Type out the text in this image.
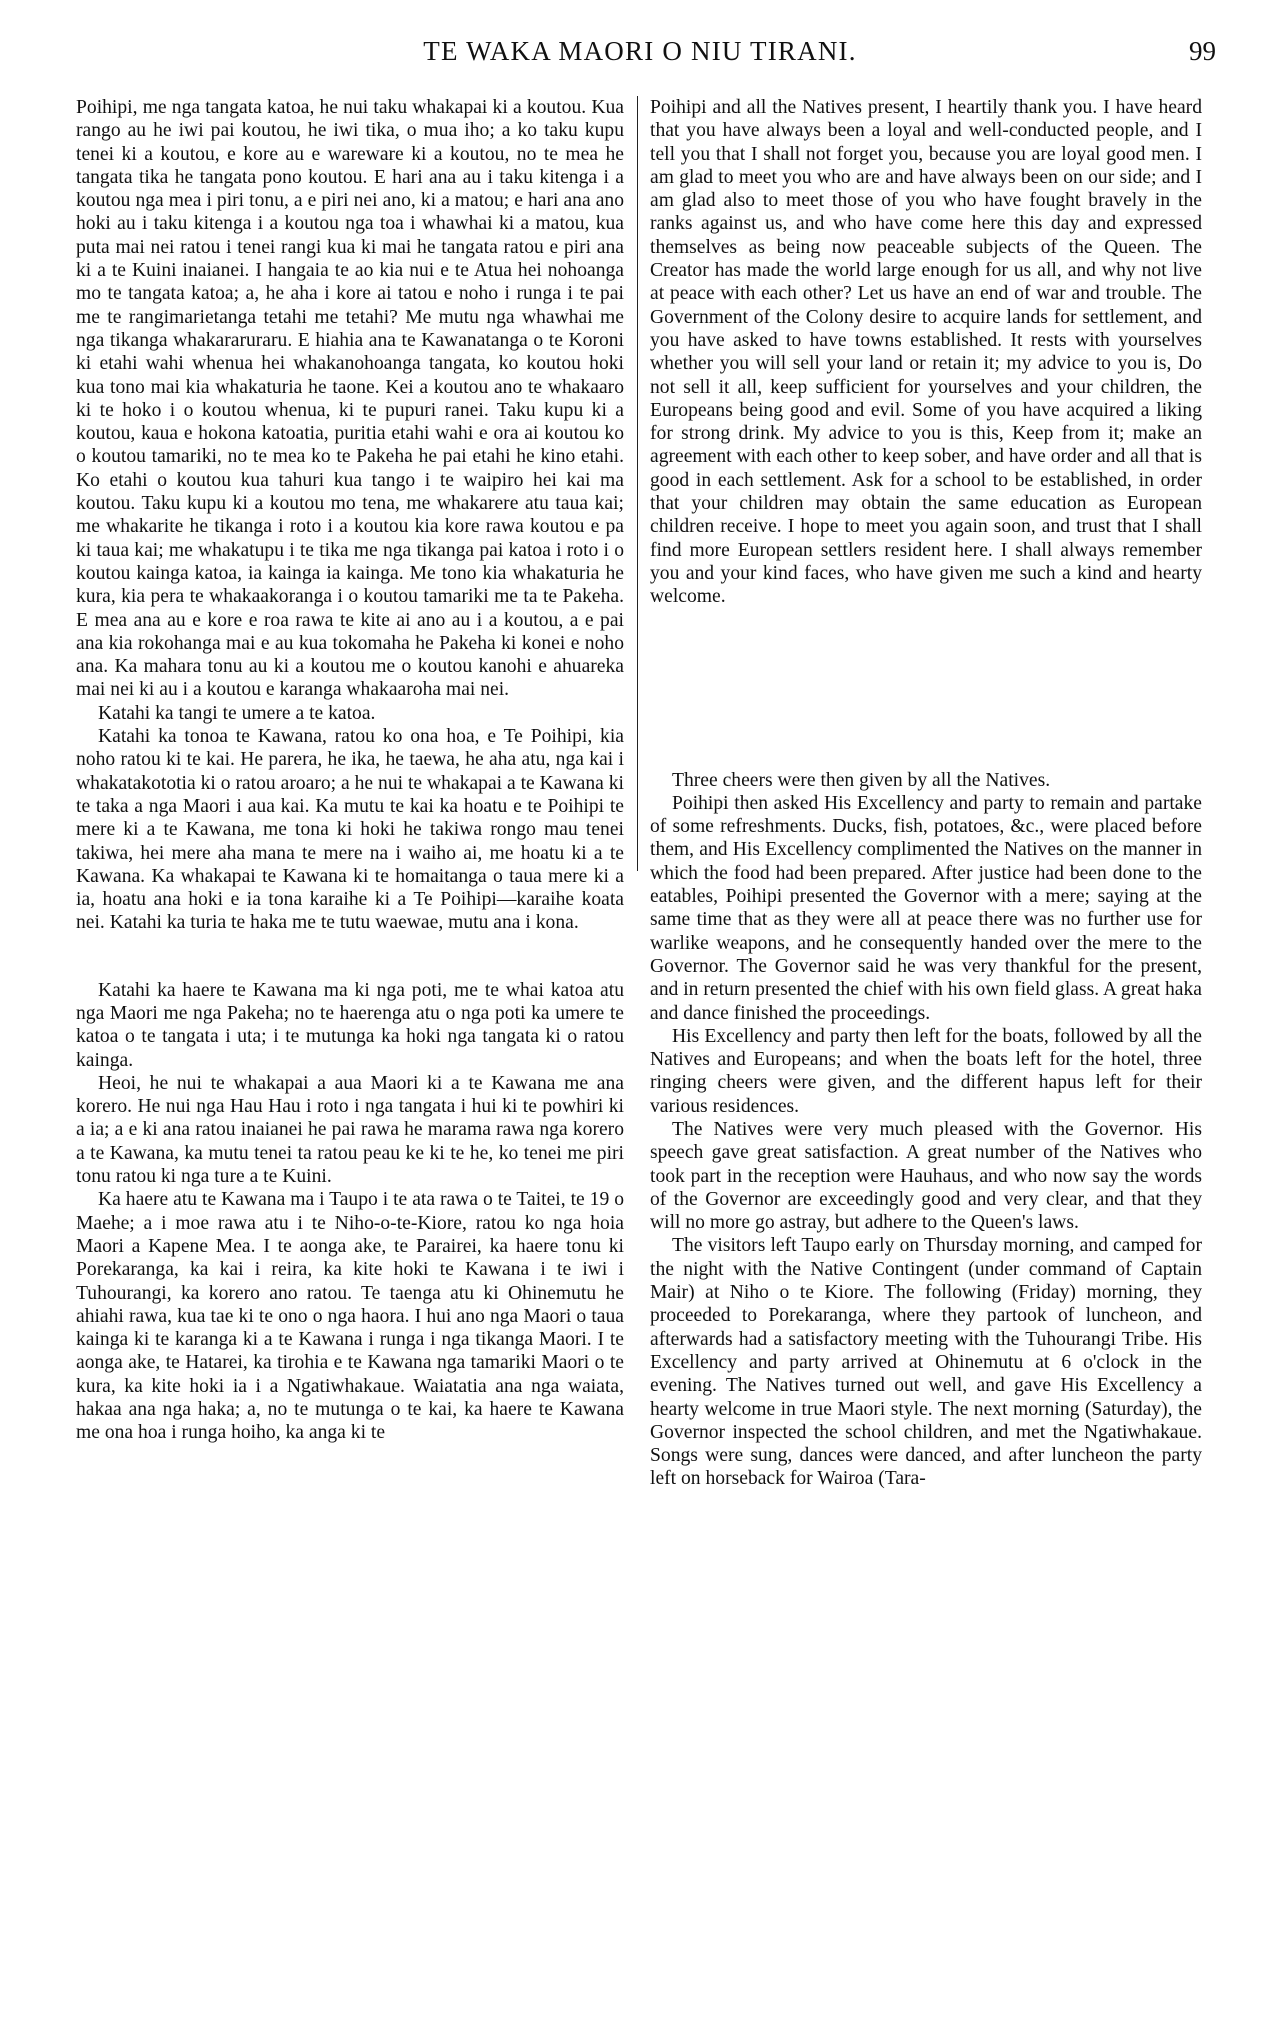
TE WAKA MAORI O NIU TIRANI.	99

Poihipi, me nga tangata katoa, he nui taku whakapai ki a koutou. Kua rango au he iwi pai koutou, he iwi tika, o mua iho; a ko taku kupu tenei ki a koutou, e kore au e wareware ki a koutou, no te mea he tangata tika he tangata pono koutou. E hari ana au i taku kitenga i a koutou nga mea i piri tonu, a e piri nei ano, ki a matou; e hari ana ano hoki au i taku kitenga i a koutou nga toa i whawhai ki a matou, kua puta mai nei ratou i tenei rangi kua ki mai he tangata ratou e piri ana ki a te Kuini inaianei. I hangaia te ao kia nui e te Atua hei nohoanga mo te tangata katoa; a, he aha i kore ai tatou e noho i runga i te pai me te rangimarietanga tetahi me tetahi? Me mutu nga whawhai me nga tikanga whakararuraru. E hiahia ana te Kawanatanga o te Koroni ki etahi wahi whenua hei whakanohoanga tangata, ko koutou hoki kua tono mai kia whakaturia he taone. Kei a koutou ano te whakaaro ki te hoko i o koutou whenua, ki te pupuri ranei. Taku kupu ki a koutou, kaua e hokona katoatia, puritia etahi wahi e ora ai koutou ko o koutou tamariki, no te mea ko te Pakeha he pai etahi he kino etahi. Ko etahi o koutou kua tahuri kua tango i te waipiro hei kai ma koutou. Taku kupu ki a koutou mo tena, me whakarere atu taua kai; me whakarite he tikanga i roto i a koutou kia kore rawa koutou e pa ki taua kai; me whakatupu i te tika me nga tikanga pai katoa i roto i o koutou kainga katoa, ia kainga ia kainga. Me tono kia whakaturia he kura, kia pera te whakaakoranga i o koutou tamariki me ta te Pakeha. E mea ana au e kore e roa rawa te kite ai ano au i a koutou, a e pai ana kia rokohanga mai e au kua tokomaha he Pakeha ki konei e noho ana. Ka mahara tonu au ki a koutou me o koutou kanohi e ahuareka mai nei ki au i a koutou e karanga whakaaroha mai nei.

Katahi ka tangi te umere a te katoa.

Katahi ka tonoa te Kawana, ratou ko ona hoa, e Te Poihipi, kia noho ratou ki te kai. He parera, he ika, he taewa, he aha atu, nga kai i whakatakototia ki o ratou aroaro; a he nui te whakapai a te Kawana ki te taka a nga Maori i aua kai. Ka mutu te kai ka hoatu e te Poihipi te mere ki a te Kawana, me tona ki hoki he takiwa rongo mau tenei takiwa, hei mere aha mana te mere na i waiho ai, me hoatu ki a te Kawana. Ka whakapai te Kawana ki te homaitanga o taua mere ki a ia, hoatu ana hoki e ia tona karaihe ki a Te Poihipi—karaihe koata nei. Katahi ka turia te haka me te tutu waewae, mutu ana i kona.

Katahi ka haere te Kawana ma ki nga poti, me te whai katoa atu nga Maori me nga Pakeha; no te haerenga atu o nga poti ka umere te katoa o te tangata i uta; i te mutunga ka hoki nga tangata ki o ratou kainga.

Heoi, he nui te whakapai a aua Maori ki a te Kawana me ana korero. He nui nga Hau Hau i roto i nga tangata i hui ki te powhiri ki a ia; a e ki ana ratou inaianei he pai rawa he marama rawa nga korero a te Kawana, ka mutu tenei ta ratou peau ke ki te he, ko tenei me piri tonu ratou ki nga ture a te Kuini.

Ka haere atu te Kawana ma i Taupo i te ata rawa o te Taitei, te 19 o Maehe; a i moe rawa atu i te Niho-o-te-Kiore, ratou ko nga hoia Maori a Kapene Mea. I te aonga ake, te Parairei, ka haere tonu ki Porekaranga, ka kai i reira, ka kite hoki te Kawana i te iwi i Tuhourangi, ka korero ano ratou. Te taenga atu ki Ohinemutu he ahiahi rawa, kua tae ki te ono o nga haora. I hui ano nga Maori o taua kainga ki te karanga ki a te Kawana i runga i nga tikanga Maori. I te aonga ake, te Hatarei, ka tirohia e te Kawana nga tamariki Maori o te kura, ka kite hoki ia i a Ngatiwhakaue. Waiatatia ana nga waiata, hakaa ana nga haka; a, no te mutunga o te kai, ka haere te Kawana me ona hoa i runga hoiho, ka anga ki te

Poihipi and all the Natives present, I heartily thank you. I have heard that you have always been a loyal and well-conducted people, and I tell you that I shall not forget you, because you are loyal good men. I am glad to meet you who are and have always been on our side; and I am glad also to meet those of you who have fought bravely in the ranks against us, and who have come here this day and expressed themselves as being now peaceable subjects of the Queen. The Creator has made the world large enough for us all, and why not live at peace with each other? Let us have an end of war and trouble. The Government of the Colony desire to acquire lands for settlement, and you have asked to have towns established. It rests with yourselves whether you will sell your land or retain it; my advice to you is, Do not sell it all, keep sufficient for yourselves and your children, the Europeans being good and evil. Some of you have acquired a liking for strong drink. My advice to you is this, Keep from it; make an agreement with each other to keep sober, and have order and all that is good in each settlement. Ask for a school to be established, in order that your children may obtain the same education as European children receive. I hope to meet you again soon, and trust that I shall find more European settlers resident here. I shall always remember you and your kind faces, who have given me such a kind and hearty welcome.

Three cheers were then given by all the Natives.

Poihipi then asked His Excellency and party to remain and partake of some refreshments. Ducks, fish, potatoes, &c., were placed before them, and His Excellency complimented the Natives on the manner in which the food had been prepared. After justice had been done to the eatables, Poihipi presented the Governor with a mere; saying at the same time that as they were all at peace there was no further use for warlike weapons, and he consequently handed over the mere to the Governor. The Governor said he was very thankful for the present, and in return presented the chief with his own field glass. A great haka and dance finished the proceedings.

His Excellency and party then left for the boats, followed by all the Natives and Europeans; and when the boats left for the hotel, three ringing cheers were given, and the different hapus left for their various residences.

The Natives were very much pleased with the Governor. His speech gave great satisfaction. A great number of the Natives who took part in the reception were Hauhaus, and who now say the words of the Governor are exceedingly good and very clear, and that they will no more go astray, but adhere to the Queen's laws.

The visitors left Taupo early on Thursday morning, and camped for the night with the Native Contingent (under command of Captain Mair) at Niho o te Kiore. The following (Friday) morning, they proceeded to Porekaranga, where they partook of luncheon, and afterwards had a satisfactory meeting with the Tuhourangi Tribe. His Excellency and party arrived at Ohinemutu at 6 o'clock in the evening. The Natives turned out well, and gave His Excellency a hearty welcome in true Maori style. The next morning (Saturday), the Governor inspected the school children, and met the Ngatiwhakaue. Songs were sung, dances were danced, and after luncheon the party left on horseback for Wairoa (Tara-
